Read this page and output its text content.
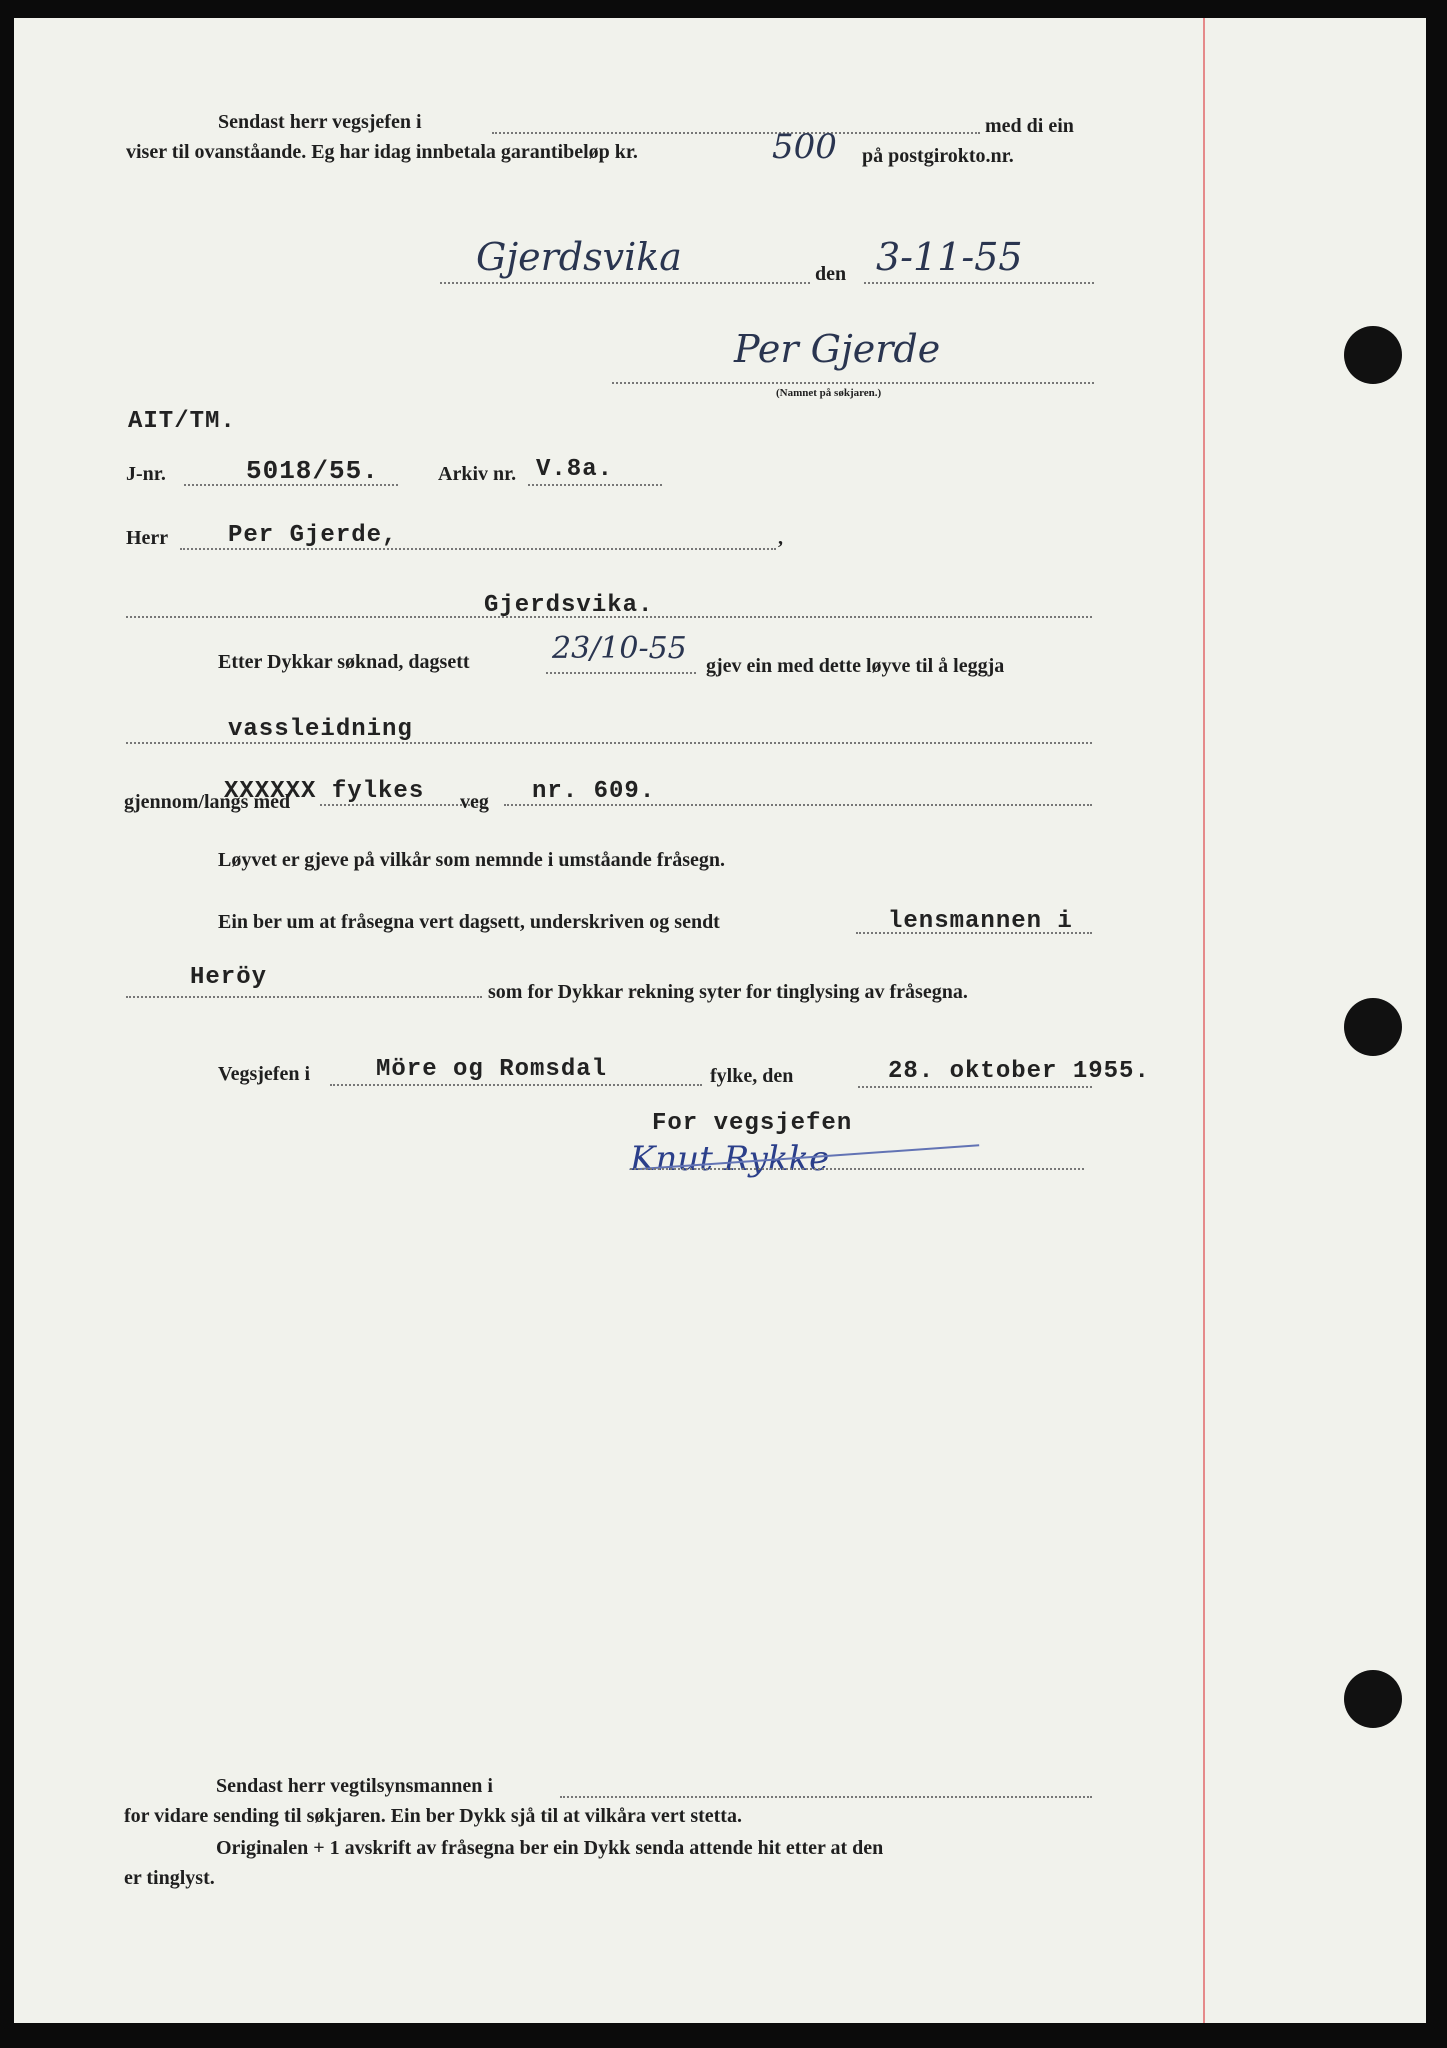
Sendast herr vegsjefen i	med di ein
viser til ovanståande. Eg har idag innbetala garantibeløp kr.	500 på postgirokto.nr.
Gjerdsvika	den 3-11-55
Per Gjerde
(Namnet på søkjaren.)
AIT/TM.
J-nr.	5018/55.	Arkiv nr. V.8a.
Herr Per Gjerde,	,
Gjerdsvika.
Etter Dykkar søknad, dagsett	23/10-55 gjev ein med dette løyve til å leggja
vassleidning
gjennom/langs med
XXXXXX fylkes veg nr. 609.
Løyvet er gjeve på vilkår som nemnde i umståande fråsegn.
Ein ber um at fråsegna vert dagsett, underskriven og sendt	lensmannen i
Heröy
som for Dykkar rekning syter for tinglysing av fråsegna.
Vegsjefen i	Möre og Romsdal	fylke, den	28. oktober 1955.
For vegsjefen
Knut Rykke
Sendast herr vegtilsynsmannen i
for vidare sending til søkjaren. Ein ber Dykk sjå til at vilkåra vert stetta.
Originalen + 1 avskrift av fråsegna ber ein Dykk senda attende hit etter at den
er tinglyst.
